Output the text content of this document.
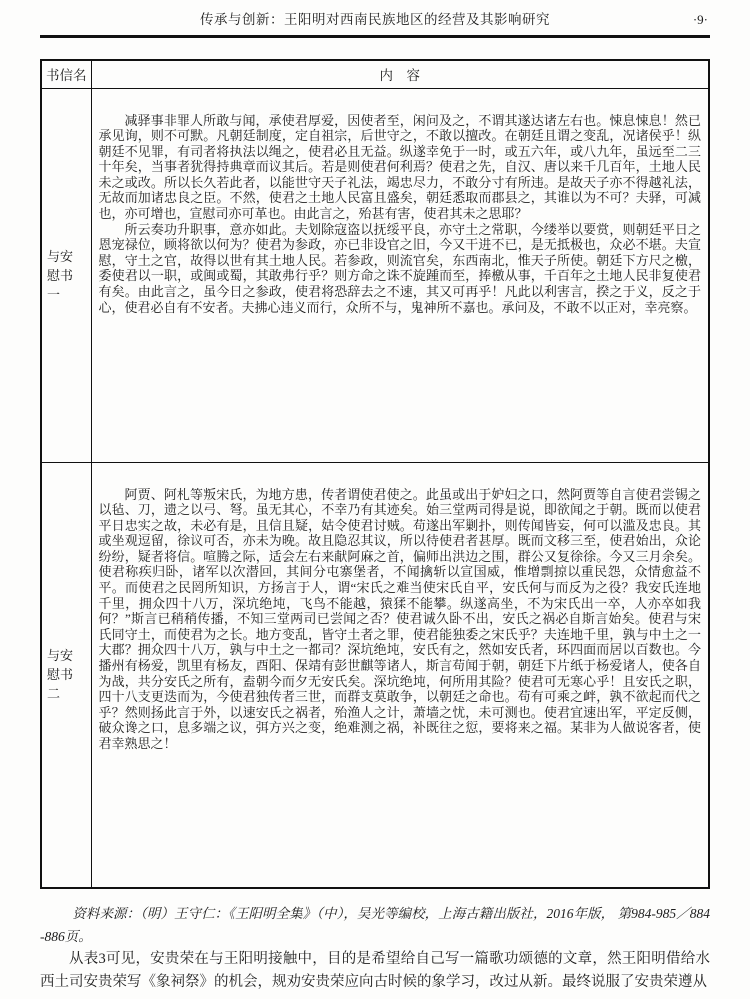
传承与创新：王阳明对西南民族地区的经营及其影响研究	·9·
书信名	内　容
与安慰书一	减驿事非罪人所敢与闻，承使君厚爱，因使者至，闲问及之，不谓其遂达诸左右也。悚息悚息！然已承见询，则不可默。凡朝廷制度，定自祖宗，后世守之，不敢以擅改。在朝廷且谓之变乱，况诸侯乎！纵朝廷不见罪，有司者将执法以绳之，使君必且无益。纵遂幸免于一时，或五六年，或八九年，虽远至二三十年矣，当事者犹得持典章而议其后。若是则使君何利焉？使君之先，自汉、唐以来千几百年，土地人民未之或改。所以长久若此者，以能世守天子礼法，竭忠尽力，不敢分寸有所违。是故天子亦不得越礼法，无故而加诸忠良之臣。不然，使君之土地人民富且盛矣，朝廷悉取而郡县之，其谁以为不可？夫驿，可减也，亦可增也，宣慰司亦可革也。由此言之，殆甚有害，使君其未之思耶？

所云奏功升职事，意亦如此。夫划除寇盗以抚绥平良，亦守土之常职，今缕举以要赏，则朝廷平日之恩宠禄位，顾将欲以何为？使君为参政，亦已非设官之旧，今又干进不已，是无抵极也，众必不堪。夫宣慰，守土之官，故得以世有其土地人民。若参政，则流官矣，东西南北，惟天子所使。朝廷下方尺之檄，委使君以一职，或闽或蜀，其敢弗行乎？则方命之诛不旋踵而至，捧檄从事，千百年之土地人民非复使君有矣。由此言之，虽今日之参政，使君将恐辞去之不速，其又可再乎！凡此以利害言，揆之于义，反之于心，使君必自有不安者。夫拂心违义而行，众所不与，鬼神所不嘉也。承问及，不敢不以正对，幸亮察。

与安慰书二	阿贾、阿札等叛宋氏，为地方患，传者谓使君使之。此虽或出于妒妇之口，然阿贾等自言使君尝锡之以毡、刀，遗之以弓、弩。虽无其心，不幸乃有其迹矣。始三堂两司得是说，即欲闻之于朝。既而以使君平日忠实之故，未必有是，且信且疑，姑令使君讨贼。苟遂出军剿扑，则传闻皆妄，何可以滥及忠良。其或坐观逗留，徐议可否，亦未为晚。故且隐忍其议，所以待使君者甚厚。既而文移三至，使君始出，众论纷纷，疑者将信。喧腾之际，适会左右来献阿麻之首，偏师出洪边之围，群公又复徐徐。今又三月余矣。使君称疾归卧，诸军以次潜回，其间分屯寨堡者，不闻擒斩以宣国威，惟增剽掠以重民怨，众情愈益不平。而使君之民罔所知识，方扬言于人，谓“宋氏之难当使宋氏自平，安氏何与而反为之役？我安氏连地千里，拥众四十八万，深坑绝坉，飞鸟不能越，猿猱不能攀。纵遂高坐，不为宋氏出一卒，人亦卒如我何？”斯言已稍稍传播，不知三堂两司已尝闻之否？使君诚久卧不出，安氏之祸必自斯言始矣。使君与宋氏同守土，而使君为之长。地方变乱，皆守土者之罪，使君能独委之宋氏乎？夫连地千里，孰与中土之一大郡？拥众四十八万，孰与中土之一都司？深坑绝坉，安氏有之，然如安氏者，环四面而居以百数也。今播州有杨爱，凯里有杨友，酉阳、保靖有彭世麒等诸人，斯言苟闻于朝，朝廷下片纸于杨爱诸人，使各自为战，共分安氏之所有，盍朝今而夕无安氏矣。深坑绝坉，何所用其险？使君可无寒心乎！且安氏之职，四十八支更迭而为，今使君独传者三世，而群支莫敢争，以朝廷之命也。苟有可乘之衅，孰不欲起而代之乎？然则扬此言于外，以速安氏之祸者，殆渔人之计，萧墙之忧，未可测也。使君宜速出军，平定反侧，破众谗之口，息多端之议，弭方兴之变，绝难测之祸，补既往之愆，要将来之福。某非为人做说客者，使君幸熟思之！

资料来源：（明）王守仁：《王阳明全集》（中），吴光等编校，上海古籍出版社，2016年版， 第984-985／884-886页。

从表3可见，安贵荣在与王阳明接触中，目的是希望给自己写一篇歌功颂德的文章，然王阳明借给水西土司安贵荣写《象祠祭》的机会，规劝安贵荣应向古时候的象学习，改过从新。最终说服了安贵荣遵从
